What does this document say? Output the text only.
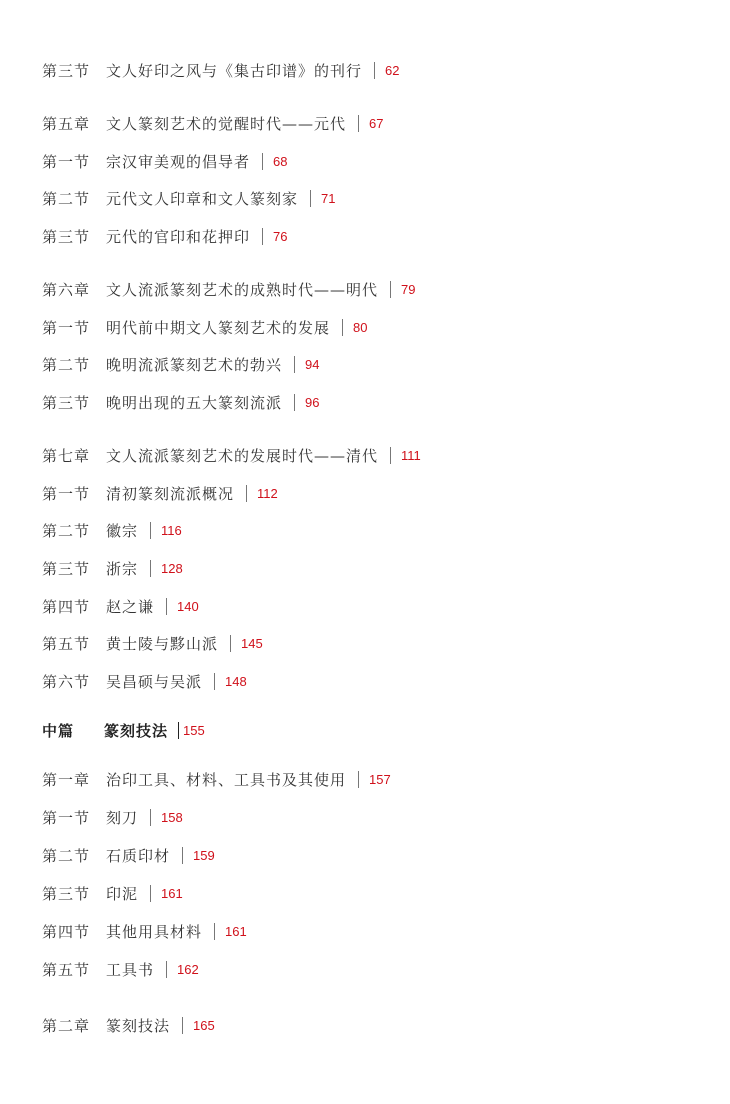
第三节	文人好印之风与《集古印谱》的刊行 62
第五章	文人篆刻艺术的觉醒时代——元代 67
第一节	宗汉审美观的倡导者 68
第二节	元代文人印章和文人篆刻家 71
第三节	元代的官印和花押印 76
第六章	文人流派篆刻艺术的成熟时代——明代 79
第一节	明代前中期文人篆刻艺术的发展 80
第二节	晚明流派篆刻艺术的勃兴 94
第三节	晚明出现的五大篆刻流派 96
第七章	文人流派篆刻艺术的发展时代——清代 111
第一节	清初篆刻流派概况 112
第二节	徽宗 116
第三节	浙宗 128
第四节	赵之谦 140
第五节	黄士陵与黟山派 145
第六节	吴昌硕与吴派 148
中篇	篆刻技法 155
第一章	治印工具、材料、工具书及其使用 157
第一节	刻刀 158
第二节	石质印材 159
第三节	印泥 161
第四节	其他用具材料 161
第五节	工具书 162
第二章	篆刻技法 165
